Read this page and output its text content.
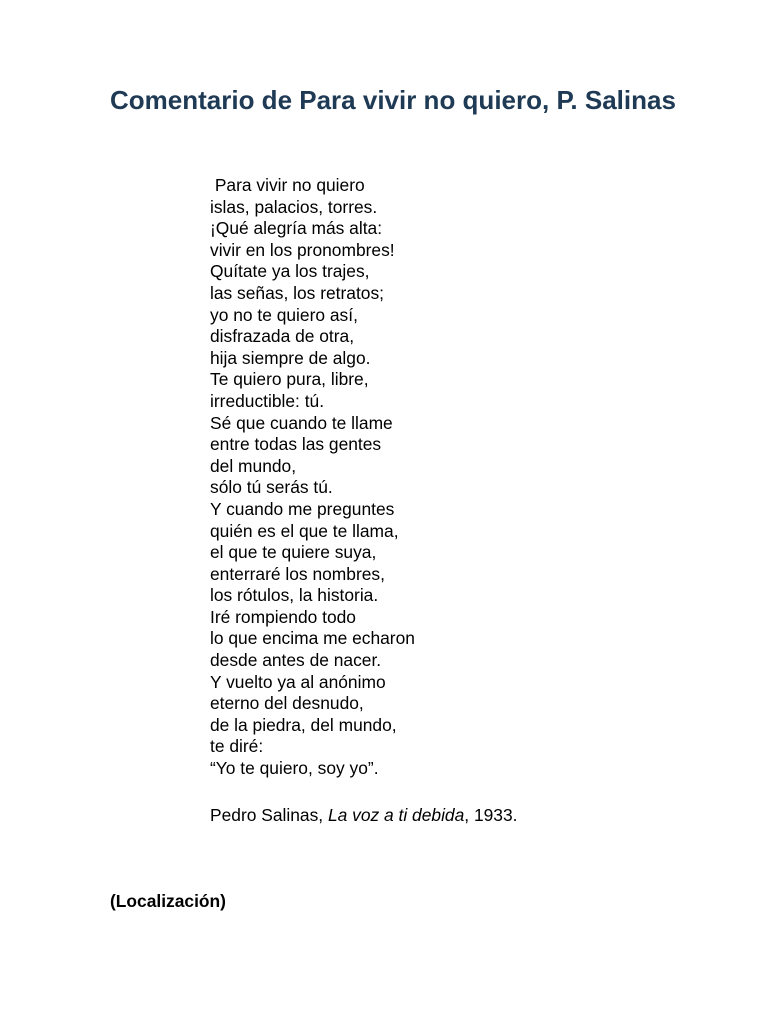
Comentario de Para vivir no quiero, P. Salinas
Para vivir no quiero
islas, palacios, torres.
¡Qué alegría más alta:
vivir en los pronombres!
Quítate ya los trajes,
las señas, los retratos;
yo no te quiero así,
disfrazada de otra,
hija siempre de algo.
Te quiero pura, libre,
irreductible: tú.
Sé que cuando te llame
entre todas las gentes
del mundo,
sólo tú serás tú.
Y cuando me preguntes
quién es el que te llama,
el que te quiere suya,
enterraré los nombres,
los rótulos, la historia.
Iré rompiendo todo
lo que encima me echaron
desde antes de nacer.
Y vuelto ya al anónimo
eterno del desnudo,
de la piedra, del mundo,
te diré:
“Yo te quiero, soy yo”.

Pedro Salinas, La voz a ti debida, 1933.

(Localización)
